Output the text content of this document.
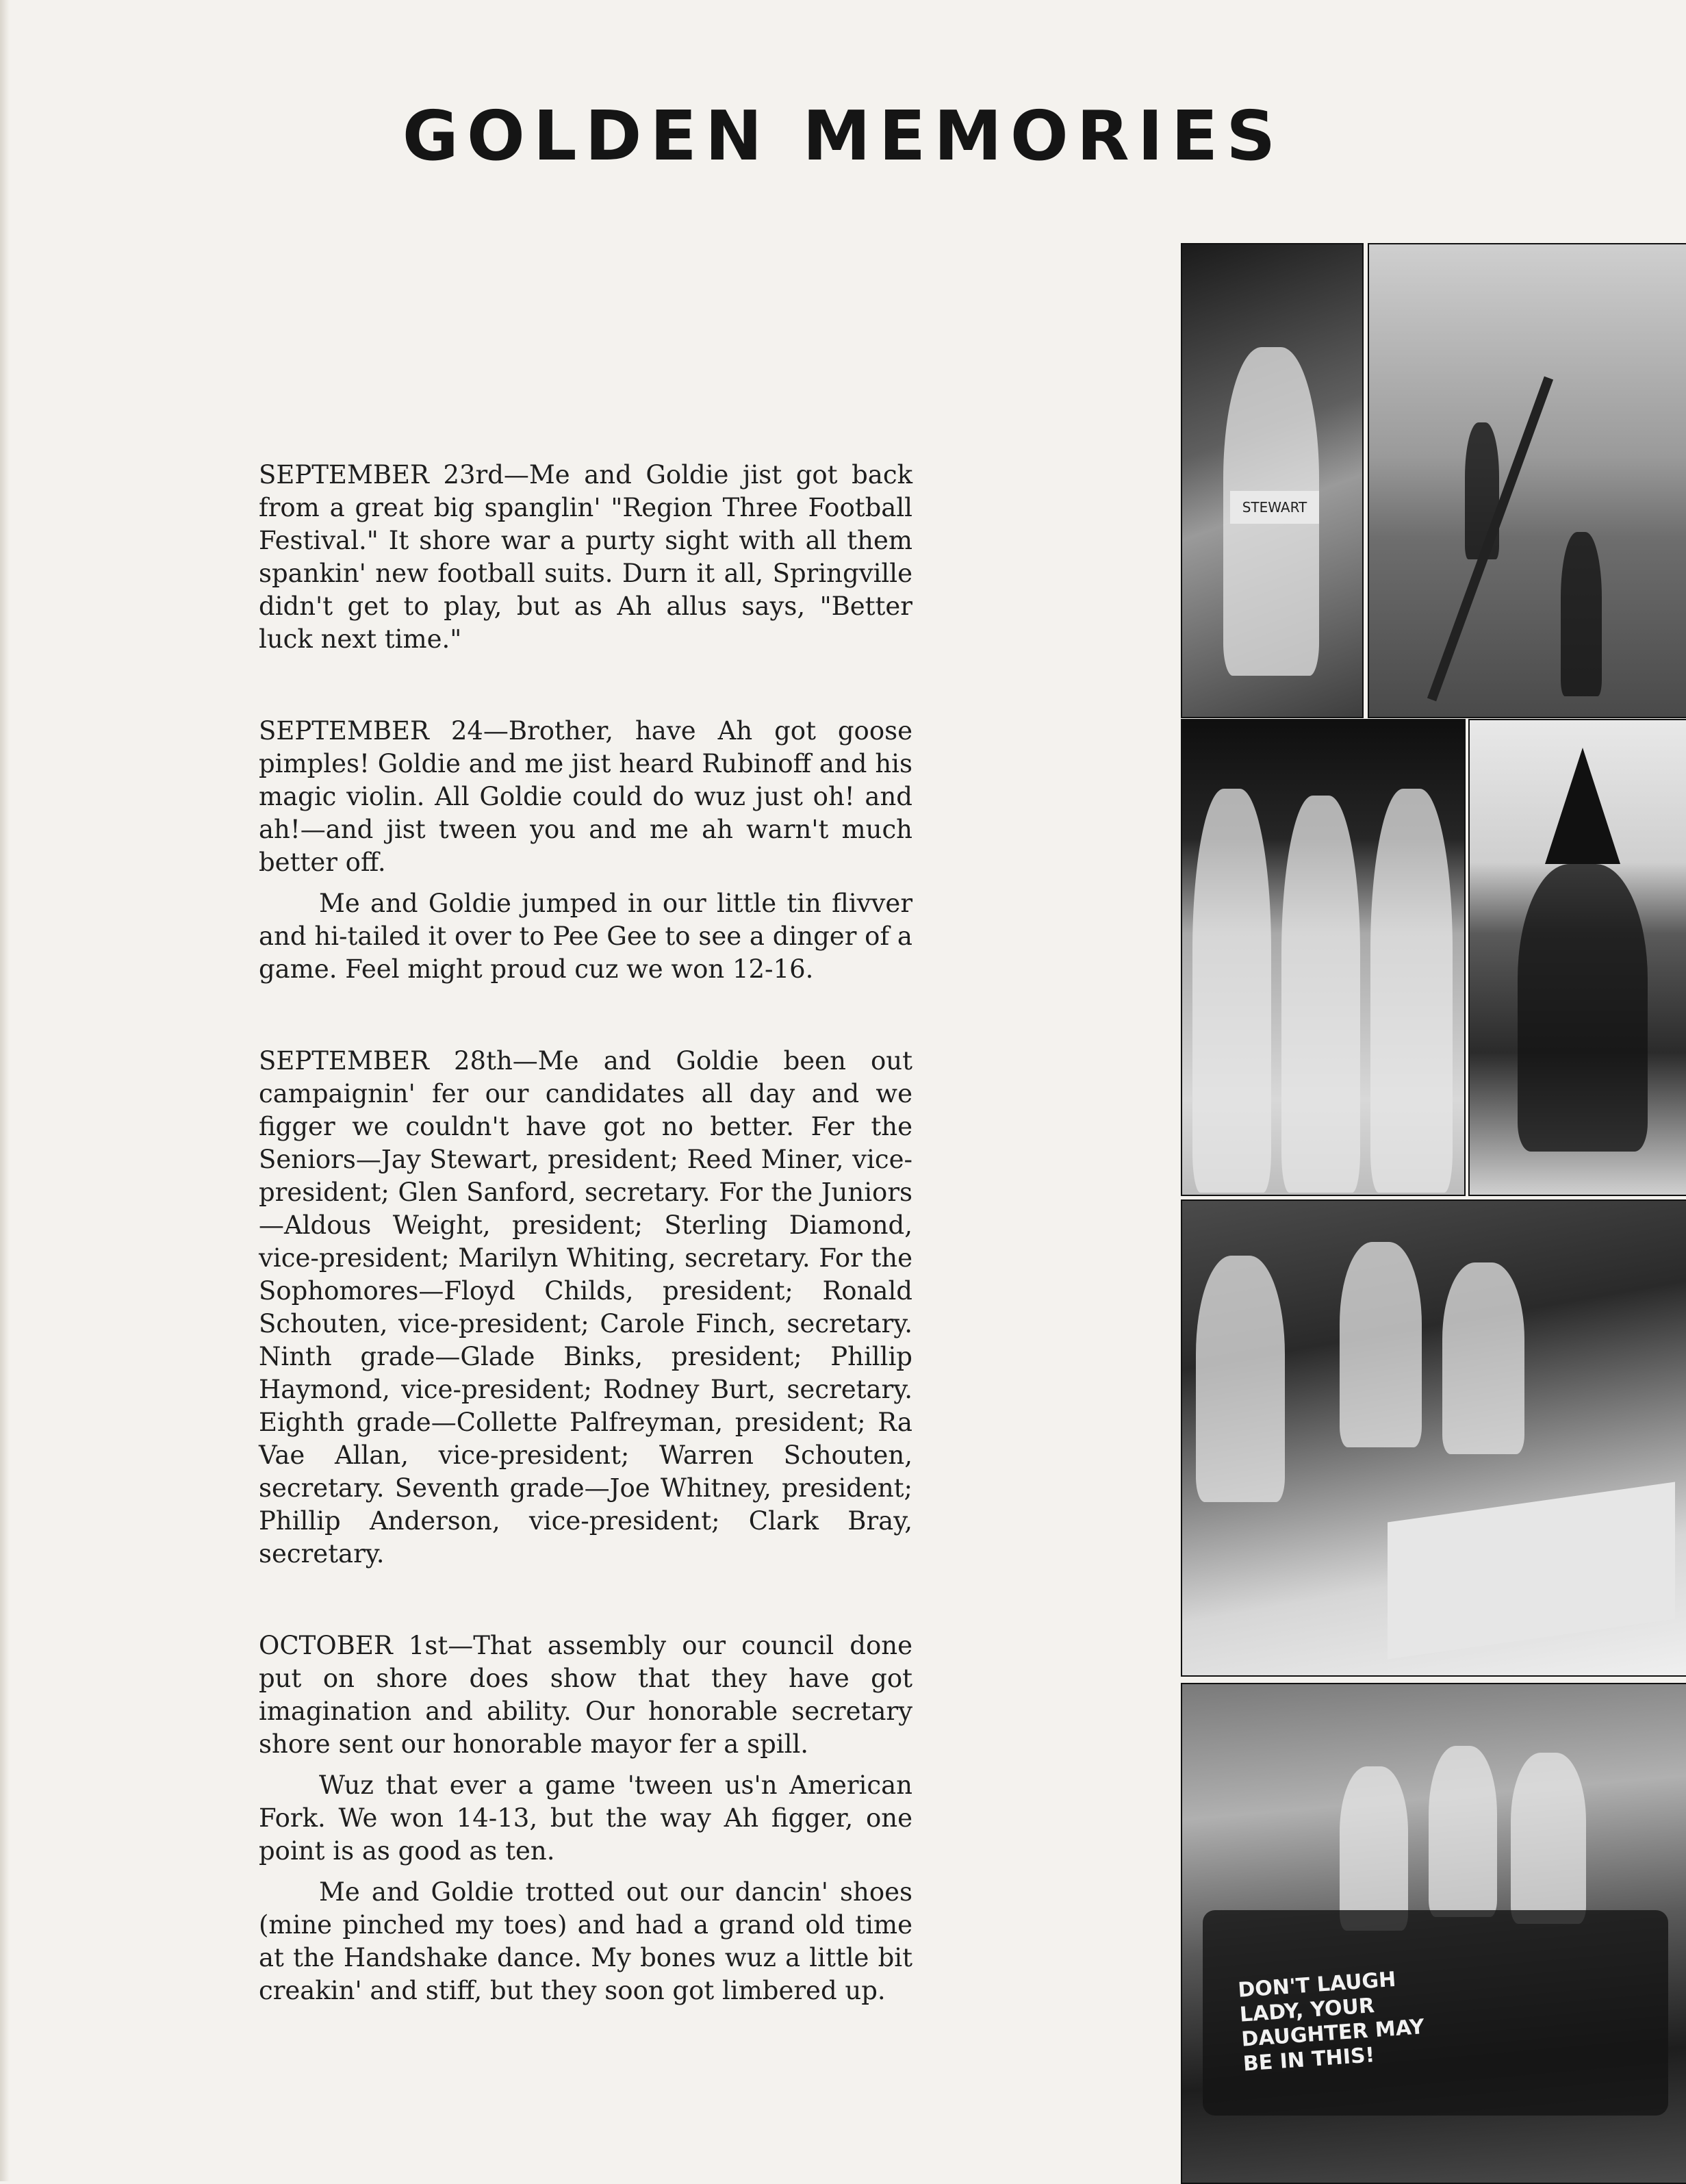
GOLDEN MEMORIES

SEPTEMBER 23rd—Me and Goldie jist got back from a great big spanglin' "Region Three Football Festival." It shore war a purty sight with all them spankin' new football suits. Durn it all, Springville didn't get to play, but as Ah allus says, "Better luck next time."

SEPTEMBER 24—Brother, have Ah got goose pimples! Goldie and me jist heard Rubinoff and his magic violin. All Goldie could do wuz just oh! and ah!—and jist tween you and me ah warn't much better off.

Me and Goldie jumped in our little tin flivver and hi-tailed it over to Pee Gee to see a dinger of a game. Feel might proud cuz we won 12-16.

SEPTEMBER 28th—Me and Goldie been out campaignin' fer our candidates all day and we figger we couldn't have got no better. Fer the Seniors—Jay Stewart, president; Reed Miner, vice-president; Glen Sanford, secretary. For the Juniors—Aldous Weight, president; Sterling Diamond, vice-president; Marilyn Whiting, secretary. For the Sophomores—Floyd Childs, president; Ronald Schouten, vice-president; Carole Finch, secretary. Ninth grade—Glade Binks, president; Phillip Haymond, vice-president; Rodney Burt, secretary. Eighth grade—Collette Palfreyman, president; Ra Vae Allan, vice-president; Warren Schouten, secretary. Seventh grade—Joe Whitney, president; Phillip Anderson, vice-president; Clark Bray, secretary.

OCTOBER 1st—That assembly our council done put on shore does show that they have got imagination and ability. Our honorable secretary shore sent our honorable mayor fer a spill.

Wuz that ever a game 'tween us'n American Fork. We won 14-13, but the way Ah figger, one point is as good as ten.

Me and Goldie trotted out our dancin' shoes (mine pinched my toes) and had a grand old time at the Handshake dance. My bones wuz a little bit creakin' and stiff, but they soon got limbered up.

STEWART
DON'T LAUGH LADY, YOUR DAUGHTER MAY BE IN THIS!
